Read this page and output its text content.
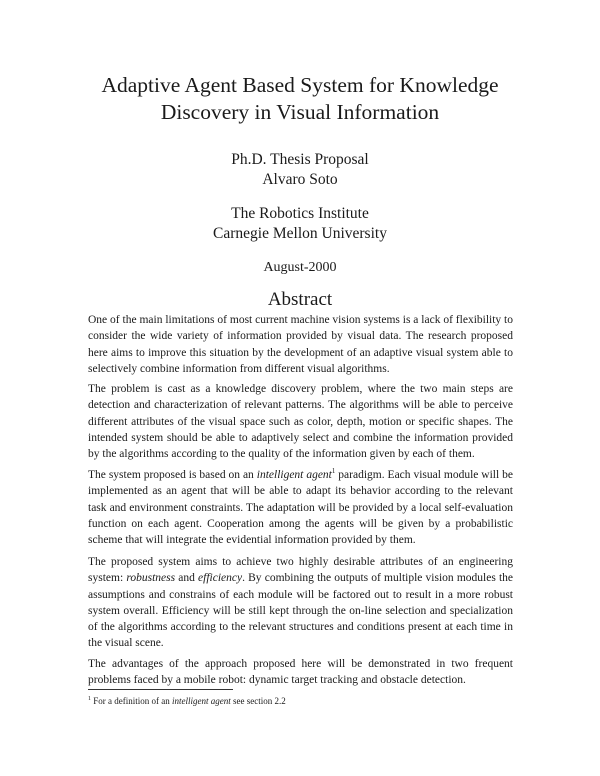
Adaptive Agent Based System for Knowledge
Discovery in Visual Information
Ph.D. Thesis Proposal
Alvaro Soto
The Robotics Institute
Carnegie Mellon University
August-2000
Abstract

One of the main limitations of most current machine vision systems is a lack of flexibility to consider the wide variety of information provided by visual data. The research proposed here aims to improve this situation by the development of an adaptive visual system able to selectively combine information from different visual algorithms.

The problem is cast as a knowledge discovery problem, where the two main steps are detection and characterization of relevant patterns. The algorithms will be able to perceive different attributes of the visual space such as color, depth, motion or specific shapes. The intended system should be able to adaptively select and combine the information provided by the algorithms according to the quality of the information given by each of them.

The system proposed is based on an intelligent agent$^1$ paradigm. Each visual module will be implemented as an agent that will be able to adapt its behavior according to the relevant task and environment constraints. The adaptation will be provided by a local self-evaluation function on each agent. Cooperation among the agents will be given by a probabilistic scheme that will integrate the evidential information provided by them.

The proposed system aims to achieve two highly desirable attributes of an engineering system: robustness and efficiency. By combining the outputs of multiple vision modules the assumptions and constrains of each module will be factored out to result in a more robust system overall. Efficiency will be still kept through the on-line selection and specialization of the algorithms according to the relevant structures and conditions present at each time in the visual scene.

The advantages of the approach proposed here will be demonstrated in two frequent problems faced by a mobile robot: dynamic target tracking and obstacle detection.

$^1$ For a definition of an intelligent agent see section 2.2
